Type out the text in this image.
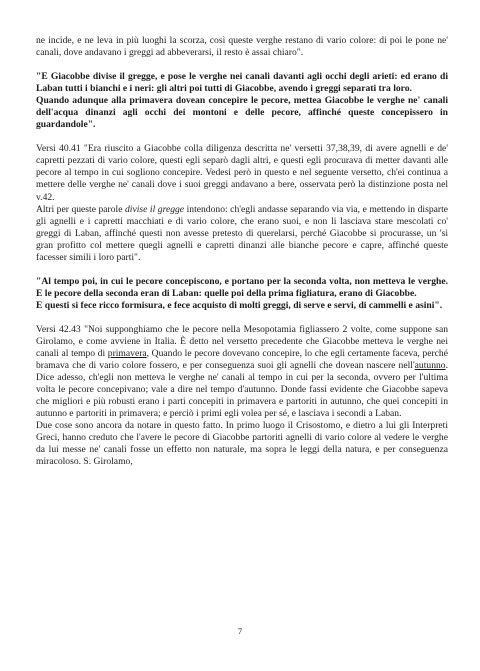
ne incide, e ne leva in più luoghi la scorza, così queste verghe restano di vario colore: di poi le pone ne' canali, dove andavano i greggi ad abbeverarsi, il resto è assai chiaro".

"E Giacobbe divise il gregge, e pose le verghe nei canali davanti agli occhi degli arieti: ed erano di Laban tutti i bianchi e i neri: gli altri poi tutti di Giacobbe, avendo i greggi separati tra loro.

Quando adunque alla primavera dovean concepire le pecore, mettea Giacobbe le verghe ne' canali dell'acqua dinanzi agli occhi dei montoni e delle pecore, affinché queste concepissero in guardandole".

Versi 40.41 "Era riuscito a Giacobbe colla diligenza descritta ne' versetti 37,38,39, di avere agnelli e de' capretti pezzati di vario colore, questi egli separò dagli altri, e questi egli procurava di metter davanti alle pecore al tempo in cui sogliono concepire. Vedesi però in questo e nel seguente versetto, ch'ei continua a mettere delle verghe ne' canali dove i suoi greggi andavano a bere, osservata però la distinzione posta nel v.42.

Altri per queste parole divise il gregge intendono: ch'egli andasse separando via via, e mettendo in disparte gli agnelli e i capretti macchiati e di vario colore, che erano suoi, e non li lasciava stare mescolati co' greggi di Laban, affinché questi non avesse pretesto di querelarsi, perché Giacobbe si procurasse, un 'si gran profitto col mettere quegli agnelli e capretti dinanzi alle bianche pecore e capre, affinché queste facesser simili i loro parti".

"Al tempo poi, in cui le pecore concepiscono, e portano per la seconda volta, non metteva le verghe. E le pecore della seconda eran di Laban: quelle poi della prima figliatura, erano di Giacobbe.

E questi si fece ricco formisura, e fece acquisto di molti greggi, di serve e servi, di cammelli e asini".

Versi 42.43 "Noi supponghiamo che le pecore nella Mesopotamia figliassero 2 volte, come suppone san Girolamo, e come avviene in Italia. È detto nel versetto precedente che Giacobbe metteva le verghe nei canali al tempo di primavera, Quando le pecore dovevano concepire, lo che egli certamente faceva, perché bramava che di vario colore fossero, e per conseguenza suoi gli agnelli che dovean nascere nell'autunno. Dice adesso, ch'egli non metteva le verghe ne' canali al tempo in cui per la seconda, ovvero per l'ultima volta le pecore concepivano; vale a dire nel tempo d'autunno. Donde fassi evidente che Giacobbe sapeva che migliori e più robusti erano i parti concepiti in primavera e partoriti in autunno, che quei concepiti in autunno e partoriti in primavera; e perciò i primi egli volea per sé, e lasciava i secondi a Laban.

Due cose sono ancora da notare in questo fatto. In primo luogo il Crisostomo, e dietro a lui gli Interpreti Greci, hanno creduto che l'avere le pecore di Giacobbe partoriti agnelli di vario colore al vedere le verghe da lui messe ne' canali fosse un effetto non naturale, ma sopra le leggi della natura, e per conseguenza miracoloso. S. Girolamo,

7
